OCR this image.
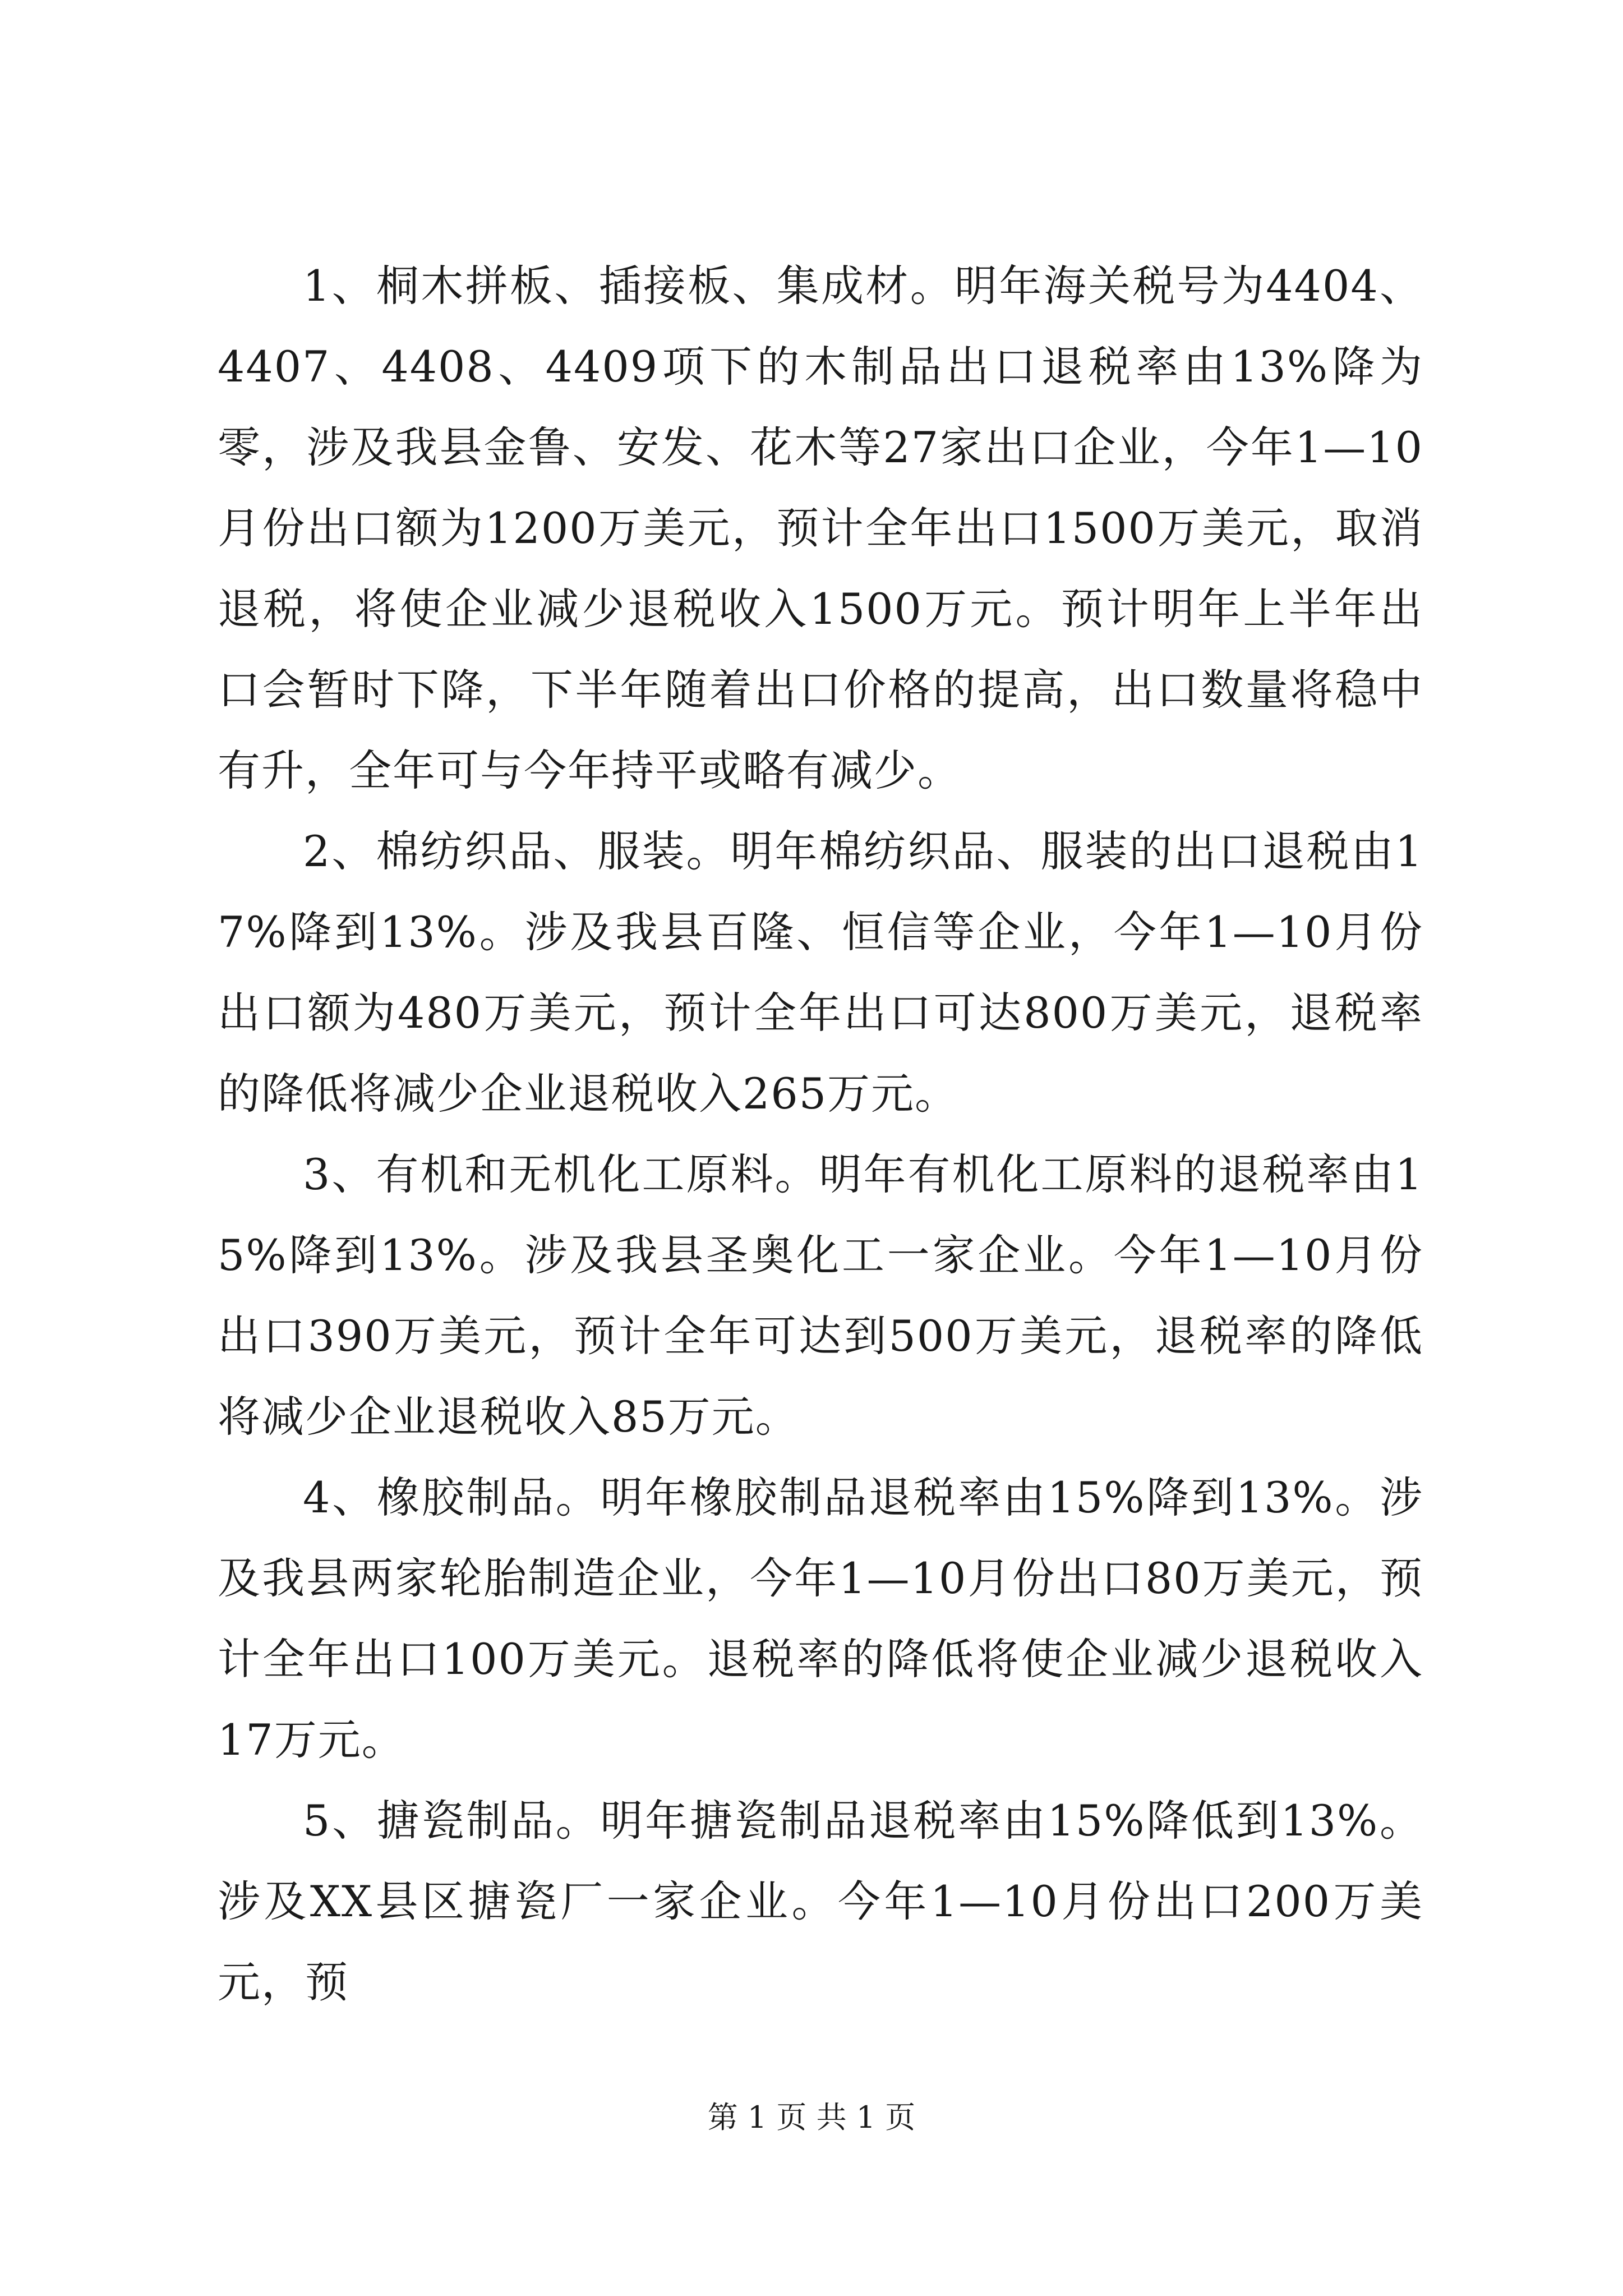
1、桐木拼板、插接板、集成材。明年海关税号为4404、4407、4408、4409项下的木制品出口退税率由13%降为零，涉及我县金鲁、安发、花木等27家出口企业，今年1—10月份出口额为1200万美元，预计全年出口1500万美元，取消退税，将使企业减少退税收入1500万元。预计明年上半年出口会暂时下降，下半年随着出口价格的提高，出口数量将稳中有升，全年可与今年持平或略有减少。

2、棉纺织品、服装。明年棉纺织品、服装的出口退税由17%降到13%。涉及我县百隆、恒信等企业，今年1—10月份出口额为480万美元，预计全年出口可达800万美元，退税率的降低将减少企业退税收入265万元。

3、有机和无机化工原料。明年有机化工原料的退税率由15%降到13%。涉及我县圣奥化工一家企业。今年1—10月份出口390万美元，预计全年可达到500万美元，退税率的降低将减少企业退税收入85万元。

4、橡胶制品。明年橡胶制品退税率由15%降到13%。涉及我县两家轮胎制造企业，今年1—10月份出口80万美元，预计全年出口100万美元。退税率的降低将使企业减少退税收入17万元。

5、搪瓷制品。明年搪瓷制品退税率由15%降低到13%。涉及XX县区搪瓷厂一家企业。今年1—10月份出口200万美元，预

第 1 页 共 1 页
